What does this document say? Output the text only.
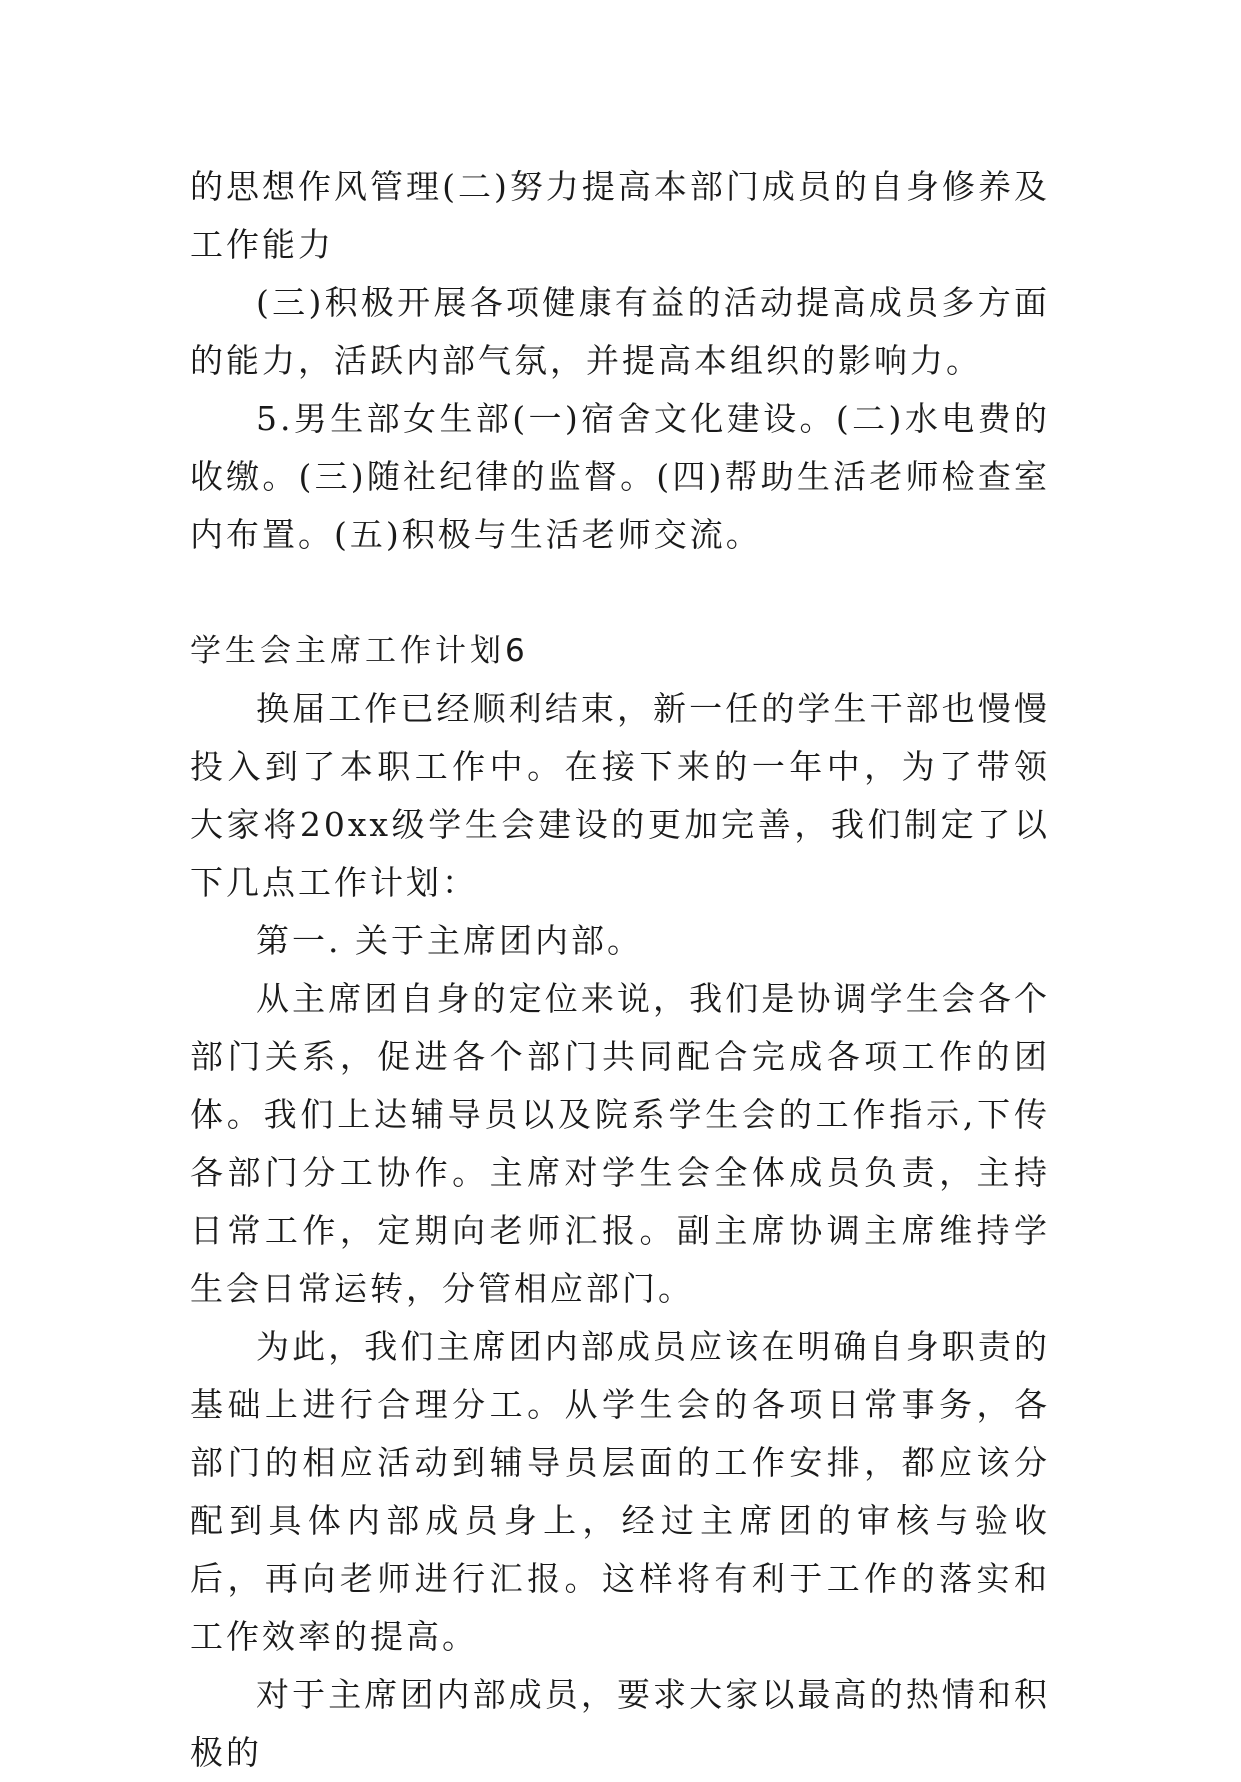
的思想作风管理(二)努力提高本部门成员的自身修养及工作能力

(三)积极开展各项健康有益的活动提高成员多方面的能力，活跃内部气氛，并提高本组织的影响力。

5.男生部女生部(一)宿舍文化建设。(二)水电费的收缴。(三)随社纪律的监督。(四)帮助生活老师检查室内布置。(五)积极与生活老师交流。

学生会主席工作计划6

换届工作已经顺利结束，新一任的学生干部也慢慢投入到了本职工作中。在接下来的一年中，为了带领大家将20xx级学生会建设的更加完善，我们制定了以下几点工作计划：

第一. 关于主席团内部。

从主席团自身的定位来说，我们是协调学生会各个部门关系，促进各个部门共同配合完成各项工作的团体。我们上达辅导员以及院系学生会的工作指示,下传各部门分工协作。主席对学生会全体成员负责，主持日常工作，定期向老师汇报。副主席协调主席维持学生会日常运转，分管相应部门。

为此，我们主席团内部成员应该在明确自身职责的基础上进行合理分工。从学生会的各项日常事务，各部门的相应活动到辅导员层面的工作安排，都应该分配到具体内部成员身上，经过主席团的审核与验收后，再向老师进行汇报。这样将有利于工作的落实和工作效率的提高。

对于主席团内部成员，要求大家以最高的热情和积极的
